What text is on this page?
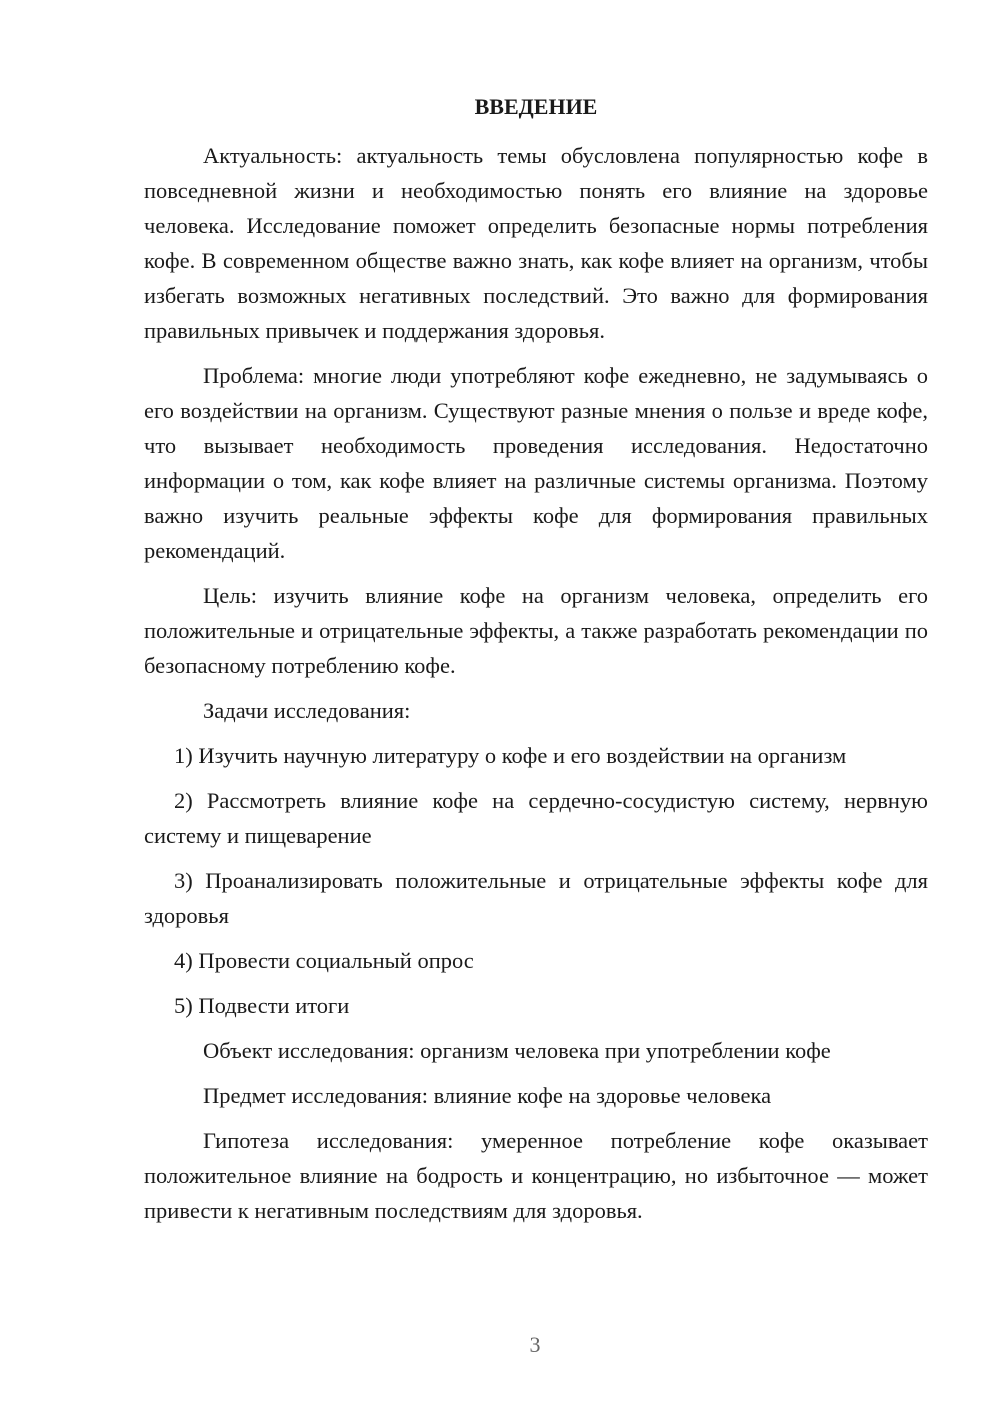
ВВЕДЕНИЕ

Актуальность: актуальность темы обусловлена популярностью кофе в повседневной жизни и необходимостью понять его влияние на здоровье человека. Исследование поможет определить безопасные нормы потребления кофе. В современном обществе важно знать, как кофе влияет на организм, чтобы избегать возможных негативных последствий. Это важно для формирования правильных привычек и поддержания здоровья.

Проблема: многие люди употребляют кофе ежедневно, не задумываясь о его воздействии на организм. Существуют разные мнения о пользе и вреде кофе, что вызывает необходимость проведения исследования. Недостаточно информации о том, как кофе влияет на различные системы организма. Поэтому важно изучить реальные эффекты кофе для формирования правильных рекомендаций.

Цель: изучить влияние кофе на организм человека, определить его положительные и отрицательные эффекты, а также разработать рекомендации по безопасному потреблению кофе.

Задачи исследования:

1) Изучить научную литературу о кофе и его воздействии на организм

2) Рассмотреть влияние кофе на сердечно-сосудистую систему, нервную систему и пищеварение

3) Проанализировать положительные и отрицательные эффекты кофе для здоровья

4) Провести социальный опрос

5) Подвести итоги

Объект исследования: организм человека при употреблении кофе

Предмет исследования: влияние кофе на здоровье человека

Гипотеза исследования: умеренное потребление кофе оказывает положительное влияние на бодрость и концентрацию, но избыточное — может привести к негативным последствиям для здоровья.

3
